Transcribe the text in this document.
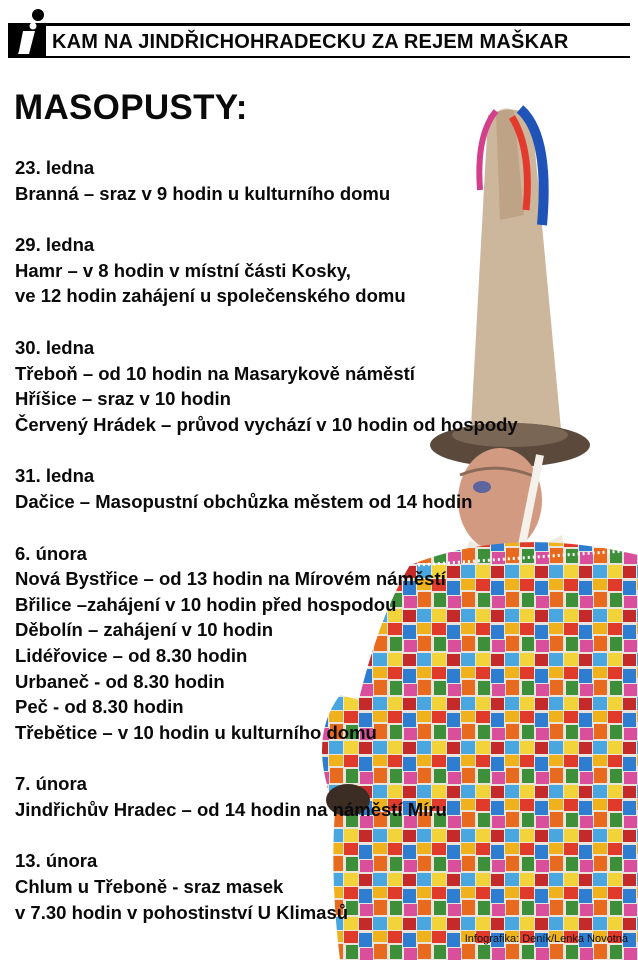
KAM NA JINDŘICHOHRADECKU ZA REJEM MAŠKAR
MASOPUSTY:
23. ledna
Branná – sraz v 9 hodin u kulturního domu
29. ledna
Hamr – v 8 hodin v místní části Kosky,
ve 12 hodin zahájení u společenského domu
30. ledna
Třeboň – od 10 hodin na Masarykově náměstí
Hříšice – sraz v 10 hodin
Červený Hrádek – průvod vychází v 10 hodin od hospody
31. ledna
Dačice – Masopustní obchůzka městem od 14 hodin
6. února
Nová Bystřice – od 13 hodin na Mírovém náměstí
Břilice –zahájení v 10 hodin před hospodou
Děbolín – zahájení v 10 hodin
Lidéřovice – od 8.30 hodin
Urbaneč - od 8.30 hodin
Peč - od 8.30 hodin
Třebětice – v 10 hodin u kulturního domu
7. února
Jindřichův Hradec – od 14 hodin na náměstí Míru
13. února
Chlum u Třeboně - sraz masek
v 7.30 hodin v pohostinství U Klimasů
Infografika: Deník/Lenka Novotná
